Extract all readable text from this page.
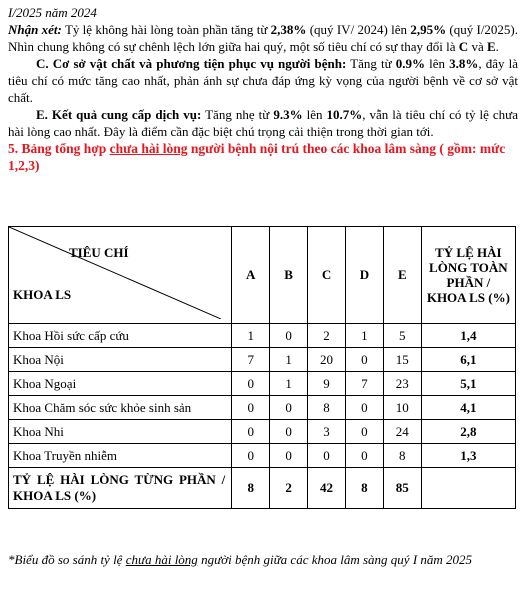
I/2025 năm 2024
Nhận xét: Tỷ lệ không hài lòng toàn phần tăng từ 2,38% (quý IV/ 2024) lên 2,95% (quý I/2025). Nhìn chung không có sự chênh lệch lớn giữa hai quý, một số tiêu chí có sự thay đổi là C và E.
C. Cơ sở vật chất và phương tiện phục vụ người bệnh: Tăng từ 0.9% lên 3.8%, đây là tiêu chí có mức tăng cao nhất, phản ánh sự chưa đáp ứng kỳ vọng của người bệnh về cơ sở vật chất.
E. Kết quả cung cấp dịch vụ: Tăng nhẹ từ 9.3% lên 10.7%, vẫn là tiêu chí có tỷ lệ chưa hài lòng cao nhất. Đây là điểm cần đặc biệt chú trọng cải thiện trong thời gian tới.
5. Bảng tổng hợp chưa hài lòng người bệnh nội trú theo các khoa lâm sàng ( gồm: mức 1,2,3)
TIÊU CHÍ
KHOA LS	A	B	C	D	E	TỶ LỆ HÀI LÒNG TOÀN PHẦN / KHOA LS (%)
Khoa Hồi sức cấp cứu	1	0	2	1	5	1,4
Khoa Nội	7	1	20	0	15	6,1
Khoa Ngoại	0	1	9	7	23	5,1
Khoa Chăm sóc sức khỏe sinh sản	0	0	8	0	10	4,1
Khoa Nhi	0	0	3	0	24	2,8
Khoa Truyền nhiễm	0	0	0	0	8	1,3
TỶ LỆ HÀI LÒNG TỪNG PHẦN / KHOA LS (%)	8	2	42	8	85	
*Biểu đồ so sánh tỷ lệ chưa hài lòng người bệnh giữa các khoa lâm sàng quý I năm 2025
